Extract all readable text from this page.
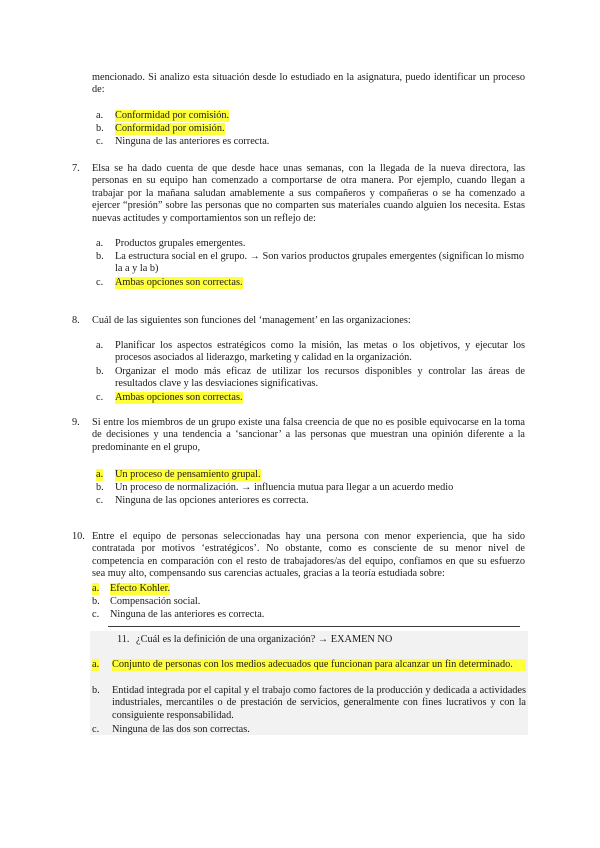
mencionado. Si analizo esta situación desde lo estudiado en la asignatura, puedo identificar un proceso de:
a. Conformidad por comisión.
b. Conformidad por omisión.
c. Ninguna de las anteriores es correcta.
7. Elsa se ha dado cuenta de que desde hace unas semanas, con la llegada de la nueva directora, las personas en su equipo han comenzado a comportarse de otra manera. Por ejemplo, cuando llegan a trabajar por la mañana saludan amablemente a sus compañeros y compañeras o se ha comenzado a ejercer “presión” sobre las personas que no comparten sus materiales cuando alguien los necesita. Estas nuevas actitudes y comportamientos son un reflejo de:
a. Productos grupales emergentes.
b. La estructura social en el grupo. → Son varios productos grupales emergentes (significan lo mismo la a y la b)
c. Ambas opciones son correctas.
8. Cuál de las siguientes son funciones del ‘management’ en las organizaciones:
a. Planificar los aspectos estratégicos como la misión, las metas o los objetivos, y ejecutar los procesos asociados al liderazgo, marketing y calidad en la organización.
b. Organizar el modo más eficaz de utilizar los recursos disponibles y controlar las áreas de resultados clave y las desviaciones significativas.
c. Ambas opciones son correctas.
9. Si entre los miembros de un grupo existe una falsa creencia de que no es posible equivocarse en la toma de decisiones y una tendencia a ‘sancionar’ a las personas que muestran una opinión diferente a la predominante en el grupo,
a. Un proceso de pensamiento grupal.
b. Un proceso de normalización. → influencia mutua para llegar a un acuerdo medio
c. Ninguna de las opciones anteriores es correcta.
10. Entre el equipo de personas seleccionadas hay una persona con menor experiencia, que ha sido contratada por motivos ‘estratégicos’. No obstante, como es consciente de su menor nivel de competencia en comparación con el resto de trabajadores/as del equipo, confiamos en que su esfuerzo sea muy alto, compensando sus carencias actuales, gracias a la teoría estudiada sobre:
a. Efecto Kohler.
b. Compensación social.
c. Ninguna de las anteriores es correcta.
11. ¿Cuál es la definición de una organización? → EXAMEN NO
a. Conjunto de personas con los medios adecuados que funcionan para alcanzar un fin determinado.
b. Entidad integrada por el capital y el trabajo como factores de la producción y dedicada a actividades industriales, mercantiles o de prestación de servicios, generalmente con fines lucrativos y con la consiguiente responsabilidad.
c. Ninguna de las dos son correctas.
